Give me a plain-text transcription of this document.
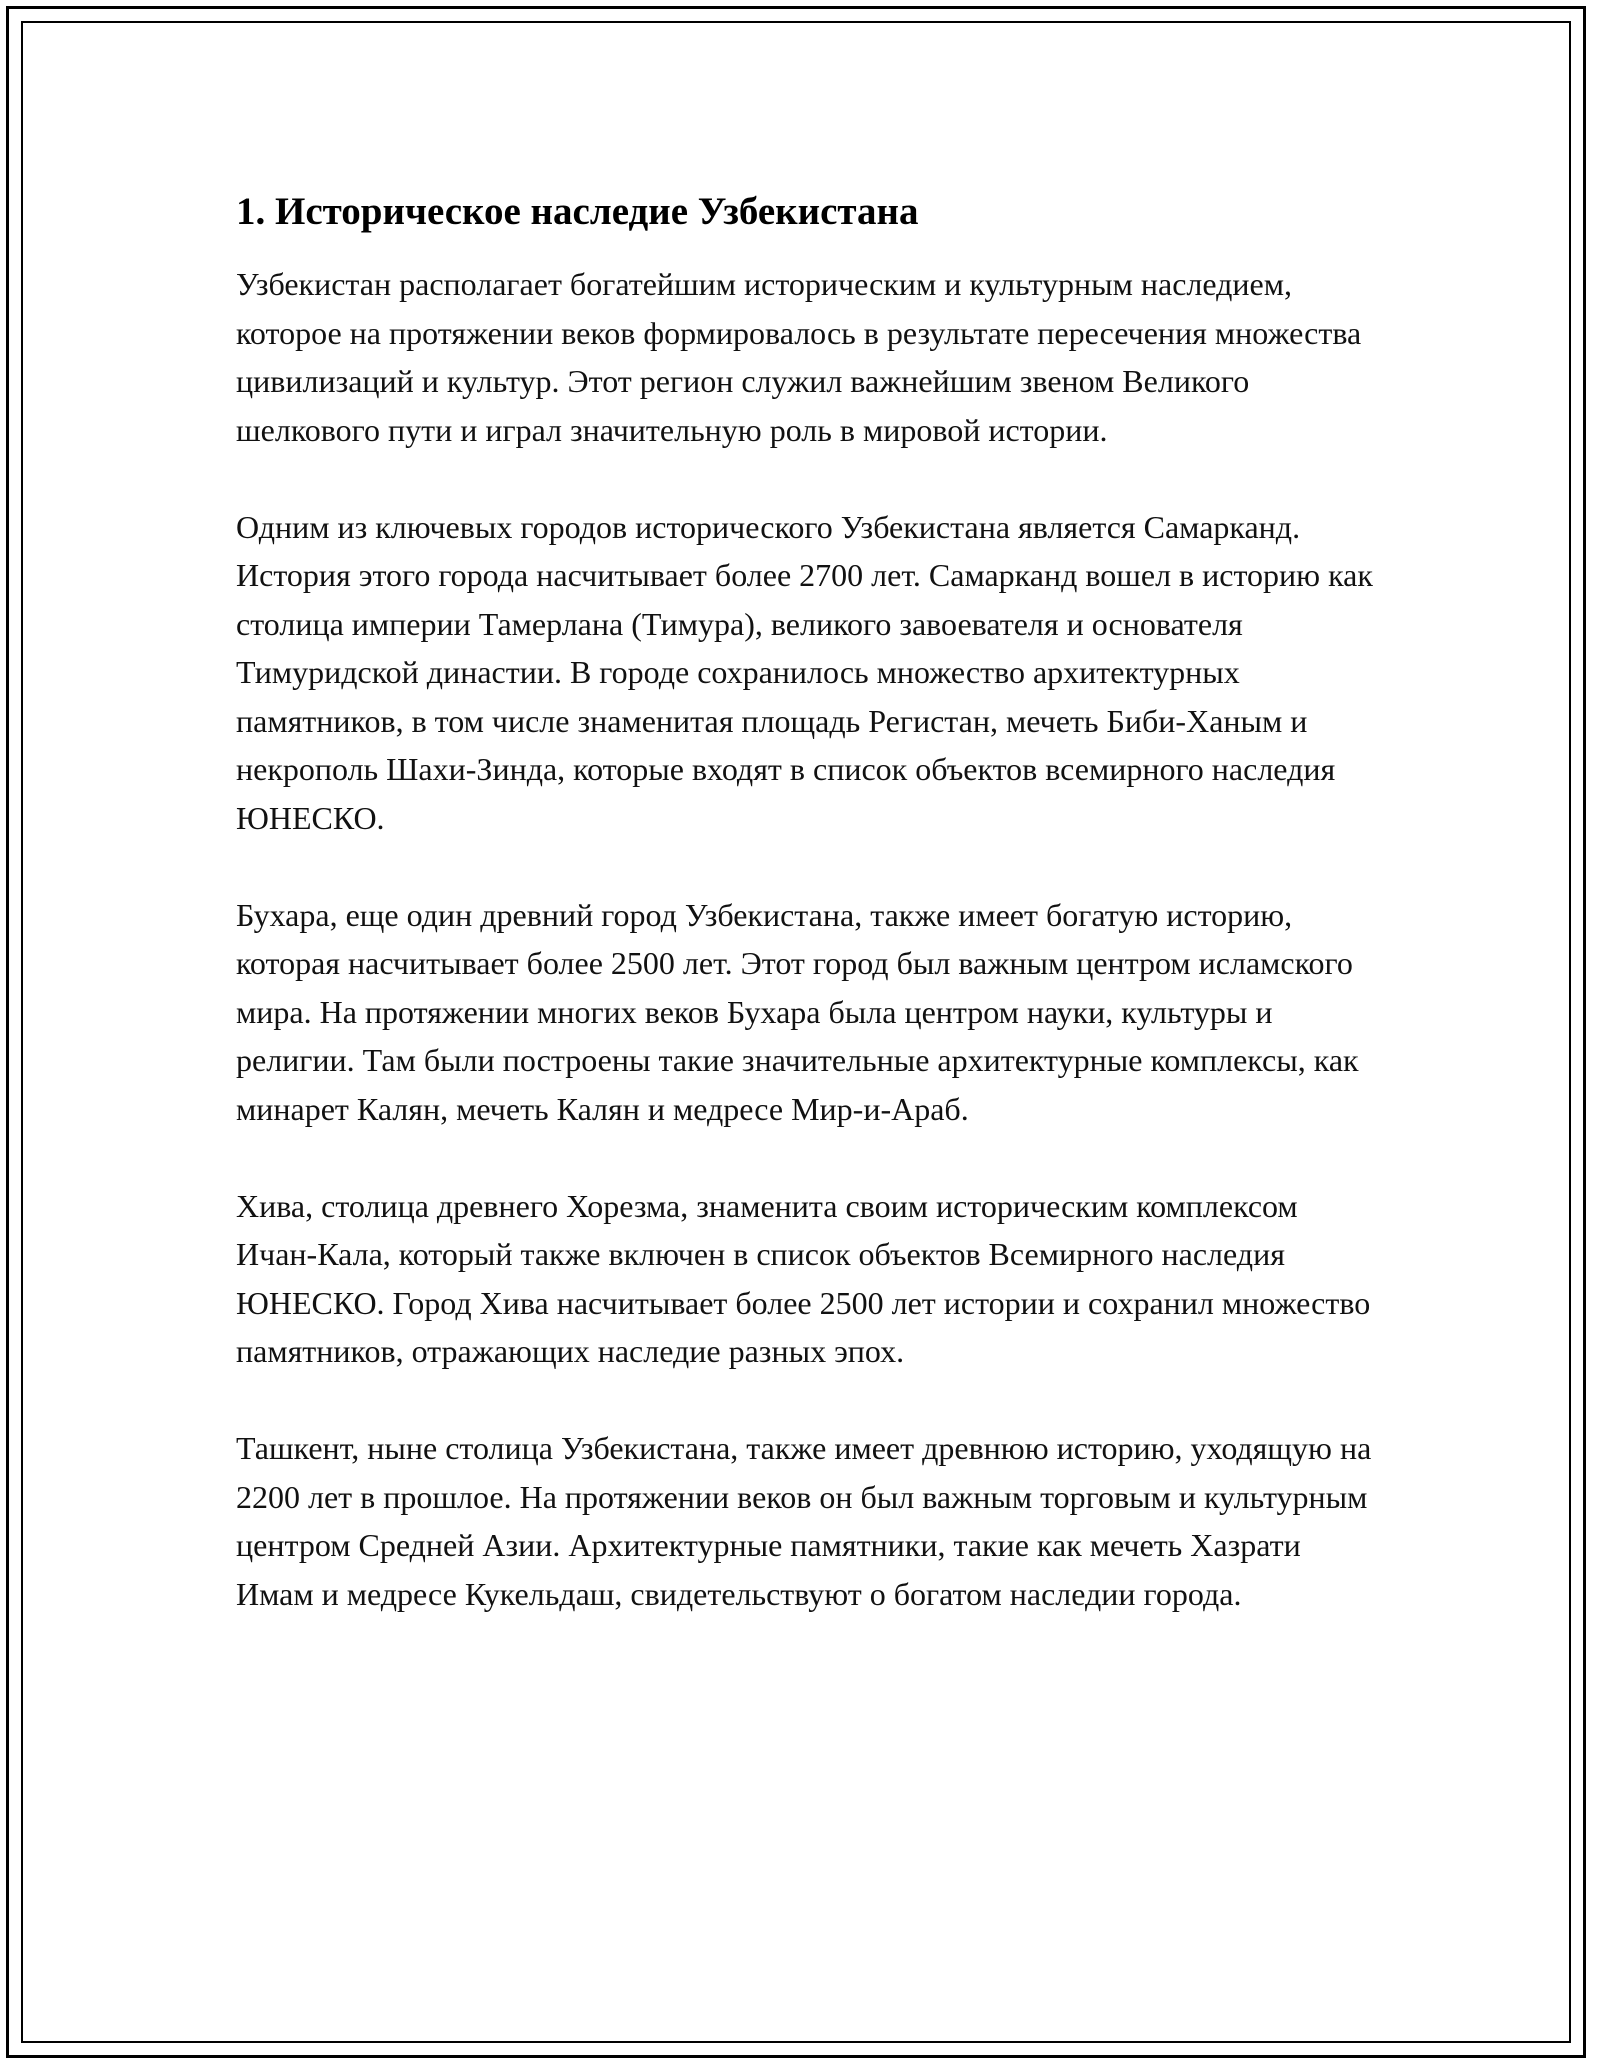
1. Историческое наследие Узбекистана

Узбекистан располагает богатейшим историческим и культурным наследием, которое на протяжении веков формировалось в результате пересечения множества цивилизаций и культур. Этот регион служил важнейшим звеном Великого шелкового пути и играл значительную роль в мировой истории.

Одним из ключевых городов исторического Узбекистана является Самарканд. История этого города насчитывает более 2700 лет. Самарканд вошел в историю как столица империи Тамерлана (Тимура), великого завоевателя и основателя Тимуридской династии. В городе сохранилось множество архитектурных памятников, в том числе знаменитая площадь Регистан, мечеть Биби-Ханым и некрополь Шахи-Зинда, которые входят в список объектов всемирного наследия ЮНЕСКО.

Бухара, еще один древний город Узбекистана, также имеет богатую историю, которая насчитывает более 2500 лет. Этот город был важным центром исламского мира. На протяжении многих веков Бухара была центром науки, культуры и религии. Там были построены такие значительные архитектурные комплексы, как минарет Калян, мечеть Калян и медресе Мир-и-Араб.

Хива, столица древнего Хорезма, знаменита своим историческим комплексом Ичан-Кала, который также включен в список объектов Всемирного наследия ЮНЕСКО. Город Хива насчитывает более 2500 лет истории и сохранил множество памятников, отражающих наследие разных эпох.

Ташкент, ныне столица Узбекистана, также имеет древнюю историю, уходящую на 2200 лет в прошлое. На протяжении веков он был важным торговым и культурным центром Средней Азии. Архитектурные памятники, такие как мечеть Хазрати Имам и медресе Кукельдаш, свидетельствуют о богатом наследии города.
